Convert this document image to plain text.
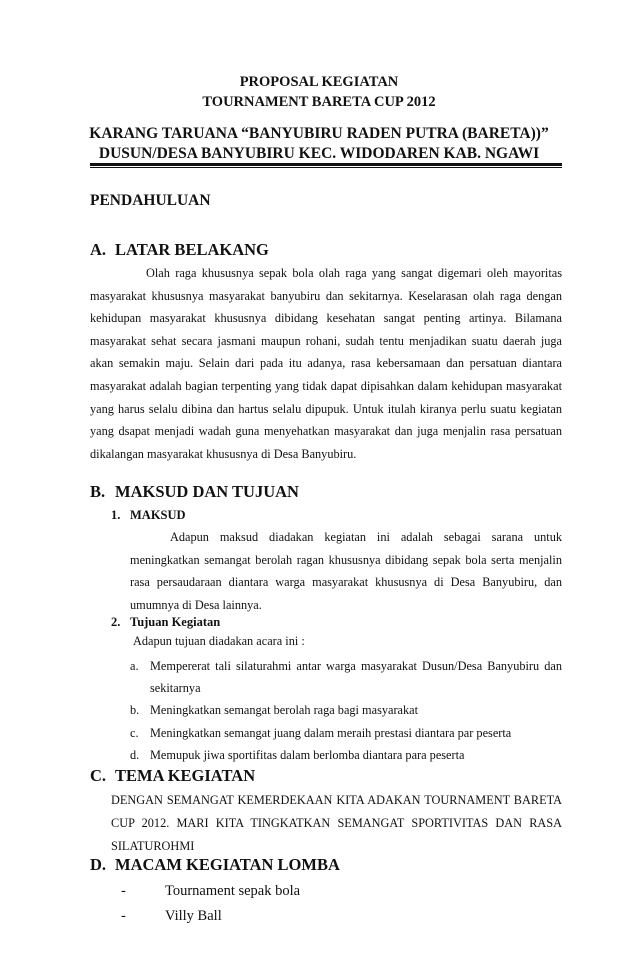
PROPOSAL KEGIATAN
TOURNAMENT BARETA CUP 2012
KARANG TARUANA “BANYUBIRU RADEN PUTRA (BARETA))”
DUSUN/DESA BANYUBIRU KEC. WIDODAREN KAB. NGAWI
PENDAHULUAN
A. LATAR BELAKANG

Olah raga khususnya sepak bola olah raga yang sangat digemari oleh mayoritas masyarakat khususnya masyarakat banyubiru dan sekitarnya. Keselarasan olah raga dengan kehidupan masyarakat khususnya dibidang kesehatan sangat penting artinya. Bilamana masyarakat sehat secara jasmani maupun rohani, sudah tentu menjadikan suatu daerah juga akan semakin maju. Selain dari pada itu adanya, rasa kebersamaan dan persatuan diantara masyarakat adalah bagian terpenting yang tidak dapat dipisahkan dalam kehidupan masyarakat yang harus selalu dibina dan hartus selalu dipupuk. Untuk itulah kiranya perlu suatu kegiatan yang dsapat menjadi wadah guna menyehatkan masyarakat dan juga menjalin rasa persatuan dikalangan masyarakat khususnya di Desa Banyubiru.

B. MAKSUD DAN TUJUAN
1. MAKSUD

Adapun maksud diadakan kegiatan ini adalah sebagai sarana untuk meningkatkan semangat berolah ragan khususnya dibidang sepak bola serta menjalin rasa persaudaraan diantara warga masyarakat khususnya di Desa Banyubiru, dan umumnya di Desa lainnya.

2. Tujuan Kegiatan
Adapun tujuan diadakan acara ini :
a. Mempererat tali silaturahmi antar warga masyarakat Dusun/Desa Banyubiru dan sekitarnya
b. Meningkatkan semangat berolah raga bagi masyarakat
c. Meningkatkan semangat juang dalam meraih prestasi diantara par peserta
d. Memupuk jiwa sportifitas dalam berlomba diantara para peserta
C. TEMA KEGIATAN
DENGAN SEMANGAT KEMERDEKAAN KITA ADAKAN TOURNAMENT BARETA CUP 2012. MARI KITA TINGKATKAN SEMANGAT SPORTIVITAS DAN RASA SILATUROHMI
D. MACAM KEGIATAN LOMBA
-	Tournament sepak bola
-	Villy Ball
